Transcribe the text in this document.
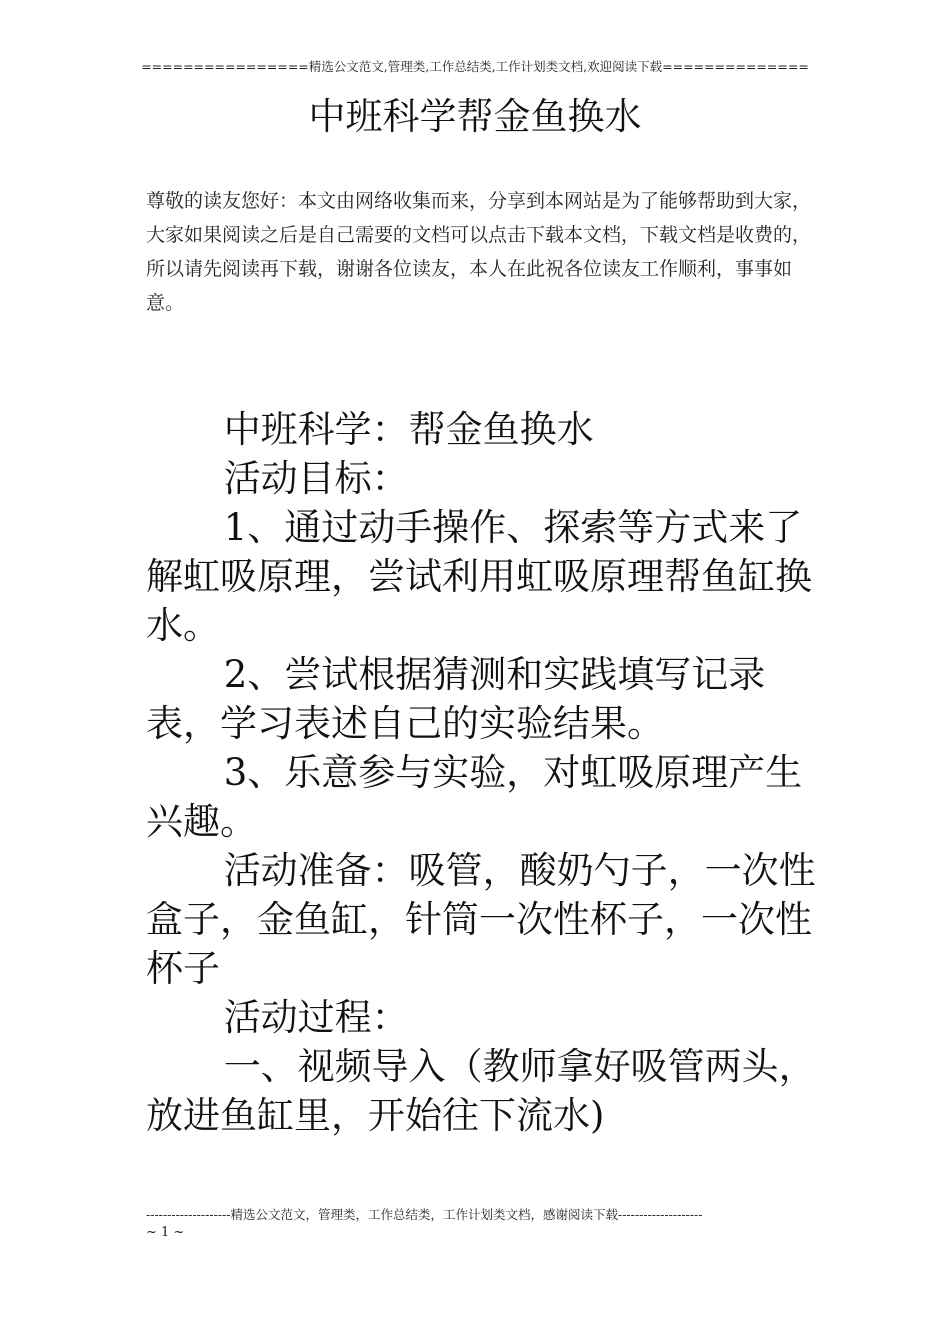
================精选公文范文,管理类,工作总结类,工作计划类文档,欢迎阅读下载==============
中班科学帮金鱼换水
尊敬的读友您好：本文由网络收集而来，分享到本网站是为了能够帮助到大家，大家如果阅读之后是自己需要的文档可以点击下载本文档，下载文档是收费的，所以请先阅读再下载，谢谢各位读友，本人在此祝各位读友工作顺利，事事如意。

中班科学：帮金鱼换水

活动目标：

1、通过动手操作、探索等方式来了解虹吸原理，尝试利用虹吸原理帮鱼缸换水。

2、尝试根据猜测和实践填写记录表，学习表述自己的实验结果。

3、乐意参与实验，对虹吸原理产生兴趣。

活动准备：吸管，酸奶勺子，一次性盒子，金鱼缸，针筒一次性杯子，一次性杯子

活动过程：

一、视频导入（教师拿好吸管两头，放进鱼缸里，开始往下流水)

--------------------精选公文范文，管理类，工作总结类，工作计划类文档，感谢阅读下载--------------------
~ 1 ~
